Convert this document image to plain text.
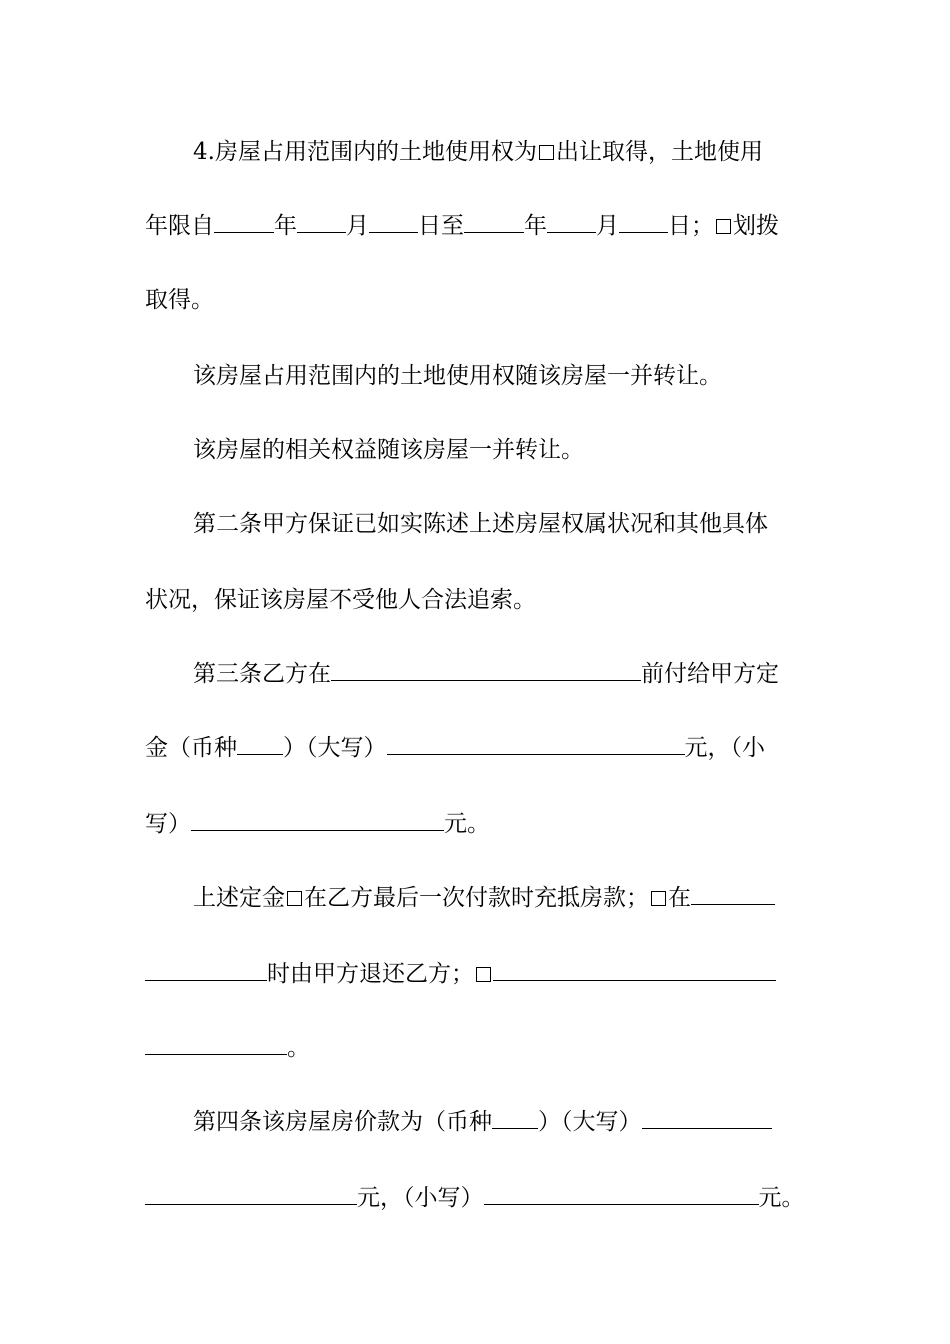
4.房屋占用范围内的土地使用权为 出让取得，土地使用
年限自	年 月 日至	年 月 日； 划拨
取得。
该房屋占用范围内的土地使用权随该房屋一并转让。
该房屋的相关权益随该房屋一并转让。
第二条甲方保证已如实陈述上述房屋权属状况和其他具体
状况，保证该房屋不受他人合法追索。
第三条乙方在	前付给甲方定
金（币种 ）（大写）	元，（小
写）	元。
上述定金 在乙方最后一次付款时充抵房款； 在
时由甲方退还乙方；
。
第四条该房屋房价款为（币种 ）（大写）
元，（小写）	元。
